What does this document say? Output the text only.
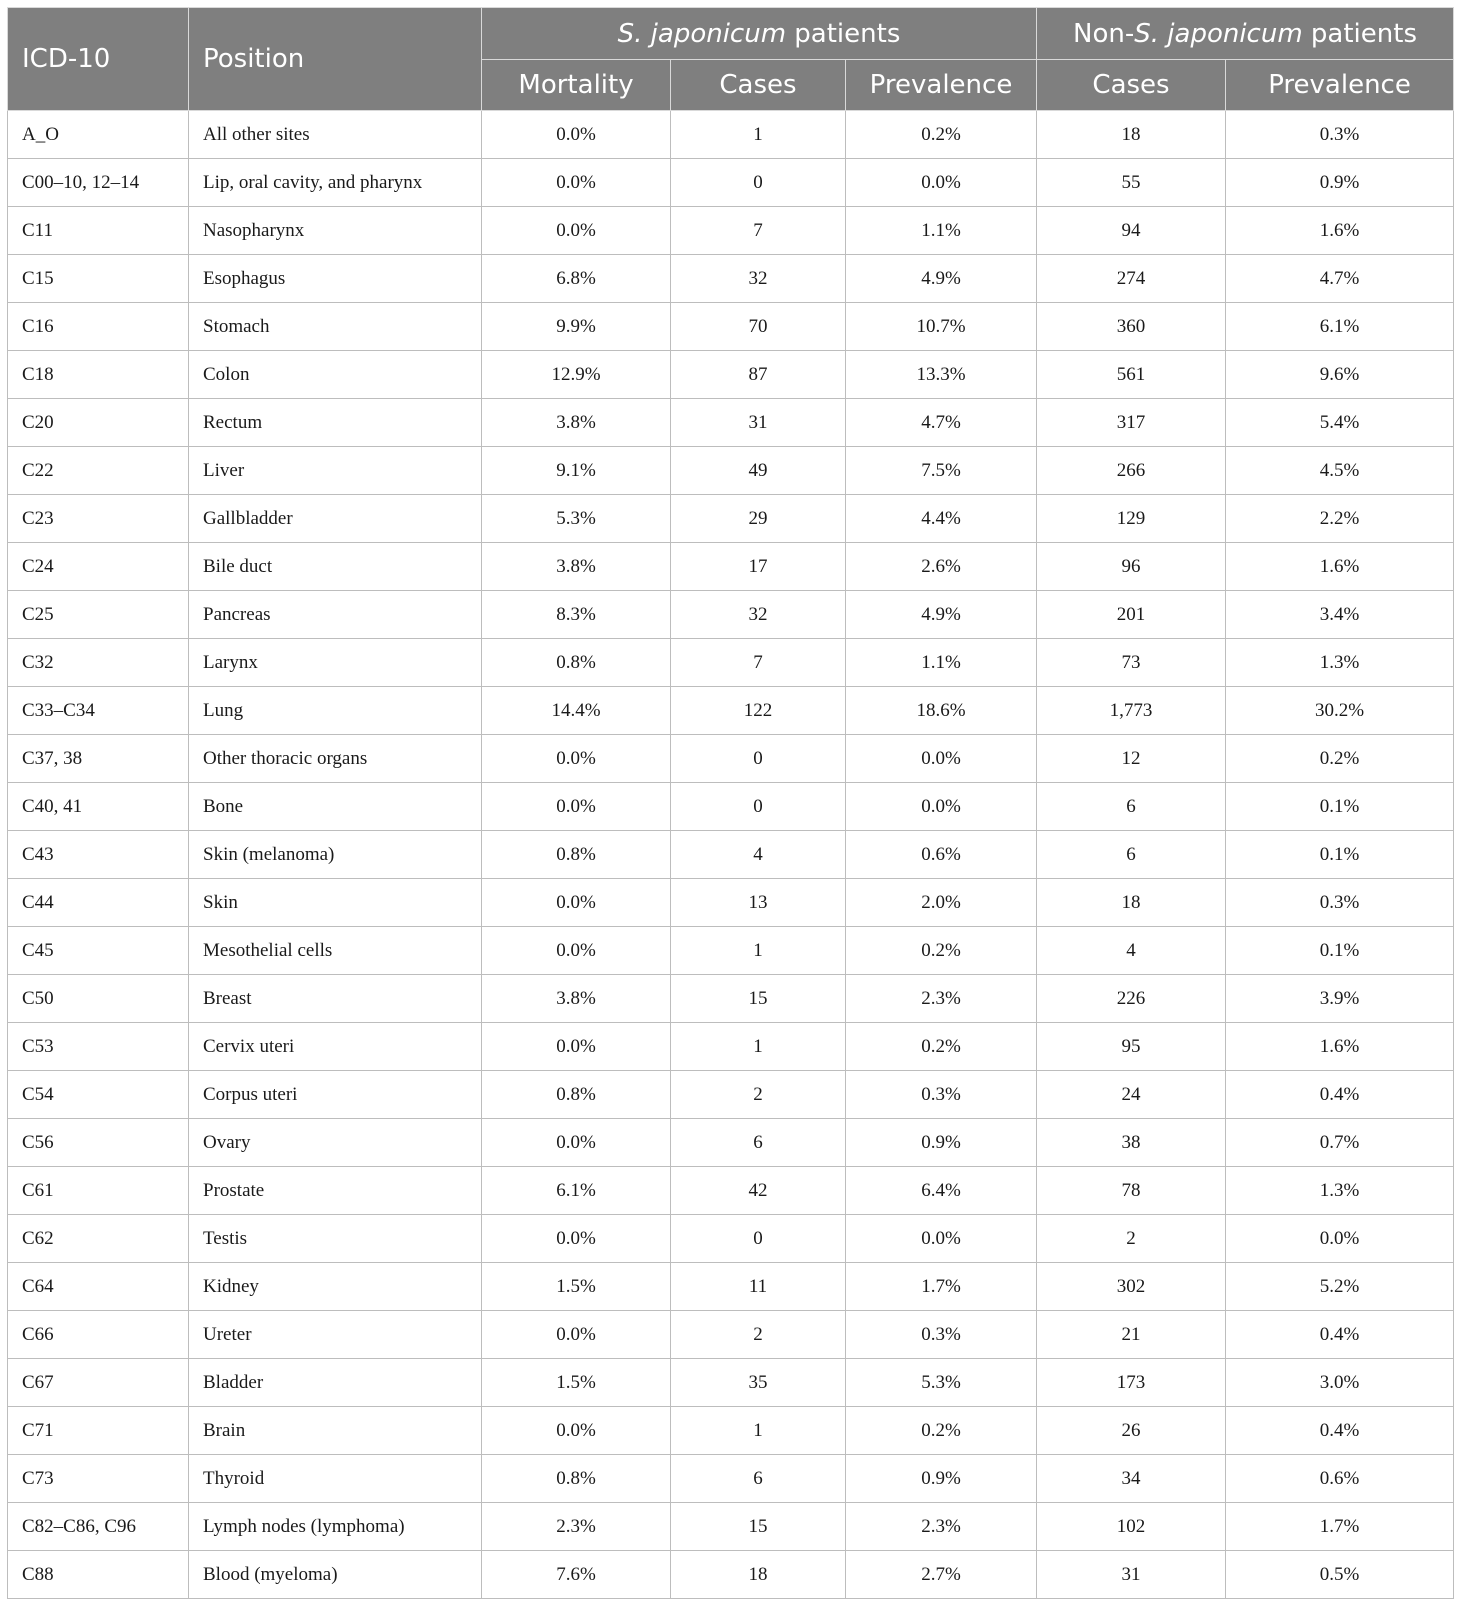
ICD-10	Position	S. japonicum patients			Non-S. japonicum patients	
		Mortality	Cases	Prevalence	Cases	Prevalence
A_O	All other sites	0.0%	1	0.2%	18	0.3%
C00–10, 12–14	Lip, oral cavity, and pharynx	0.0%	0	0.0%	55	0.9%
C11	Nasopharynx	0.0%	7	1.1%	94	1.6%
C15	Esophagus	6.8%	32	4.9%	274	4.7%
C16	Stomach	9.9%	70	10.7%	360	6.1%
C18	Colon	12.9%	87	13.3%	561	9.6%
C20	Rectum	3.8%	31	4.7%	317	5.4%
C22	Liver	9.1%	49	7.5%	266	4.5%
C23	Gallbladder	5.3%	29	4.4%	129	2.2%
C24	Bile duct	3.8%	17	2.6%	96	1.6%
C25	Pancreas	8.3%	32	4.9%	201	3.4%
C32	Larynx	0.8%	7	1.1%	73	1.3%
C33–C34	Lung	14.4%	122	18.6%	1,773	30.2%
C37, 38	Other thoracic organs	0.0%	0	0.0%	12	0.2%
C40, 41	Bone	0.0%	0	0.0%	6	0.1%
C43	Skin (melanoma)	0.8%	4	0.6%	6	0.1%
C44	Skin	0.0%	13	2.0%	18	0.3%
C45	Mesothelial cells	0.0%	1	0.2%	4	0.1%
C50	Breast	3.8%	15	2.3%	226	3.9%
C53	Cervix uteri	0.0%	1	0.2%	95	1.6%
C54	Corpus uteri	0.8%	2	0.3%	24	0.4%
C56	Ovary	0.0%	6	0.9%	38	0.7%
C61	Prostate	6.1%	42	6.4%	78	1.3%
C62	Testis	0.0%	0	0.0%	2	0.0%
C64	Kidney	1.5%	11	1.7%	302	5.2%
C66	Ureter	0.0%	2	0.3%	21	0.4%
C67	Bladder	1.5%	35	5.3%	173	3.0%
C71	Brain	0.0%	1	0.2%	26	0.4%
C73	Thyroid	0.8%	6	0.9%	34	0.6%
C82–C86, C96	Lymph nodes (lymphoma)	2.3%	15	2.3%	102	1.7%
C88	Blood (myeloma)	7.6%	18	2.7%	31	0.5%
